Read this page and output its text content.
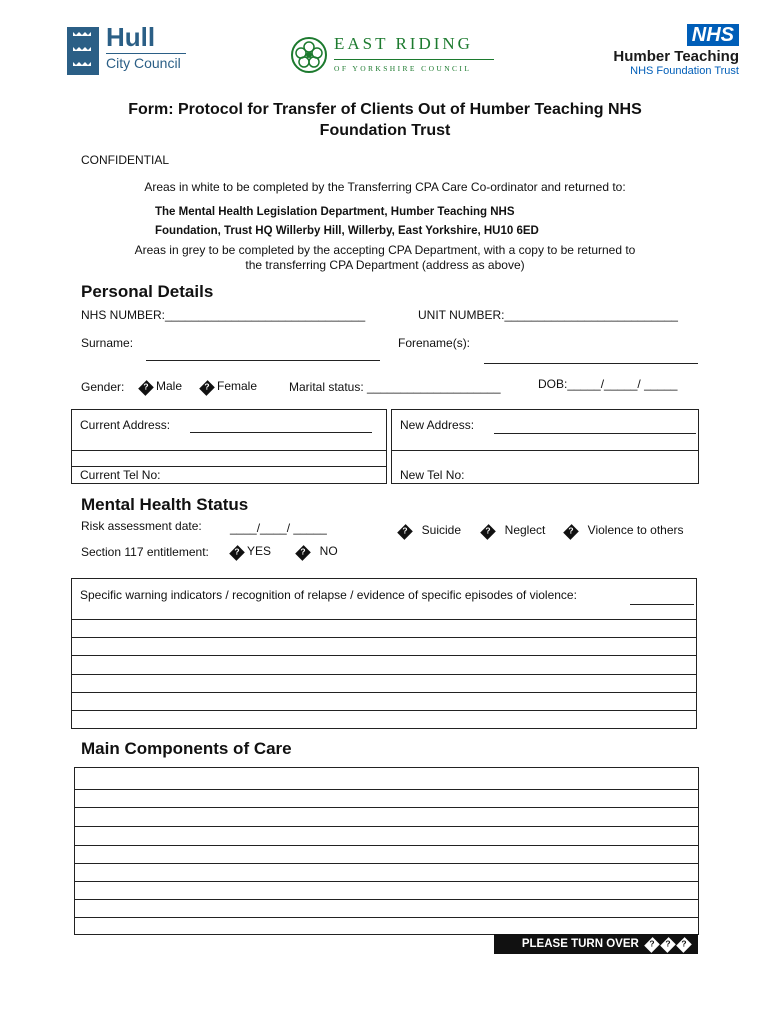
Hull
City Council
EAST RIDING
OF YORKSHIRE COUNCIL
NHS
Humber Teaching
NHS Foundation Trust
Form: Protocol for Transfer of Clients Out of Humber Teaching NHS
Foundation Trust
CONFIDENTIAL
Areas in white to be completed by the Transferring CPA Care Co-ordinator and returned to:
The Mental Health Legislation Department, Humber Teaching NHS
Foundation, Trust HQ Willerby Hill, Willerby, East Yorkshire, HU10 6ED
Areas in grey to be completed by the accepting CPA Department, with a copy to be returned to
the transferring CPA Department (address as above)
Personal Details
NHS NUMBER:______________________________	UNIT NUMBER:__________________________
Surname:	Forename(s):
Gender:	? Male	? Female	Marital status: ____________________	DOB:_____/_____/ _____
Current Address:
Current Tel No:
New Address:
New Tel No:
Mental Health Status
Risk assessment date: ____/____/ _____	? Suicide	? Neglect	? Violence to others
Section 117 entitlement:	? YES	? NO
Specific warning indicators / recognition of relapse / evidence of specific episodes of violence:
Main Components of Care
PLEASE TURN OVER ? ? ?
